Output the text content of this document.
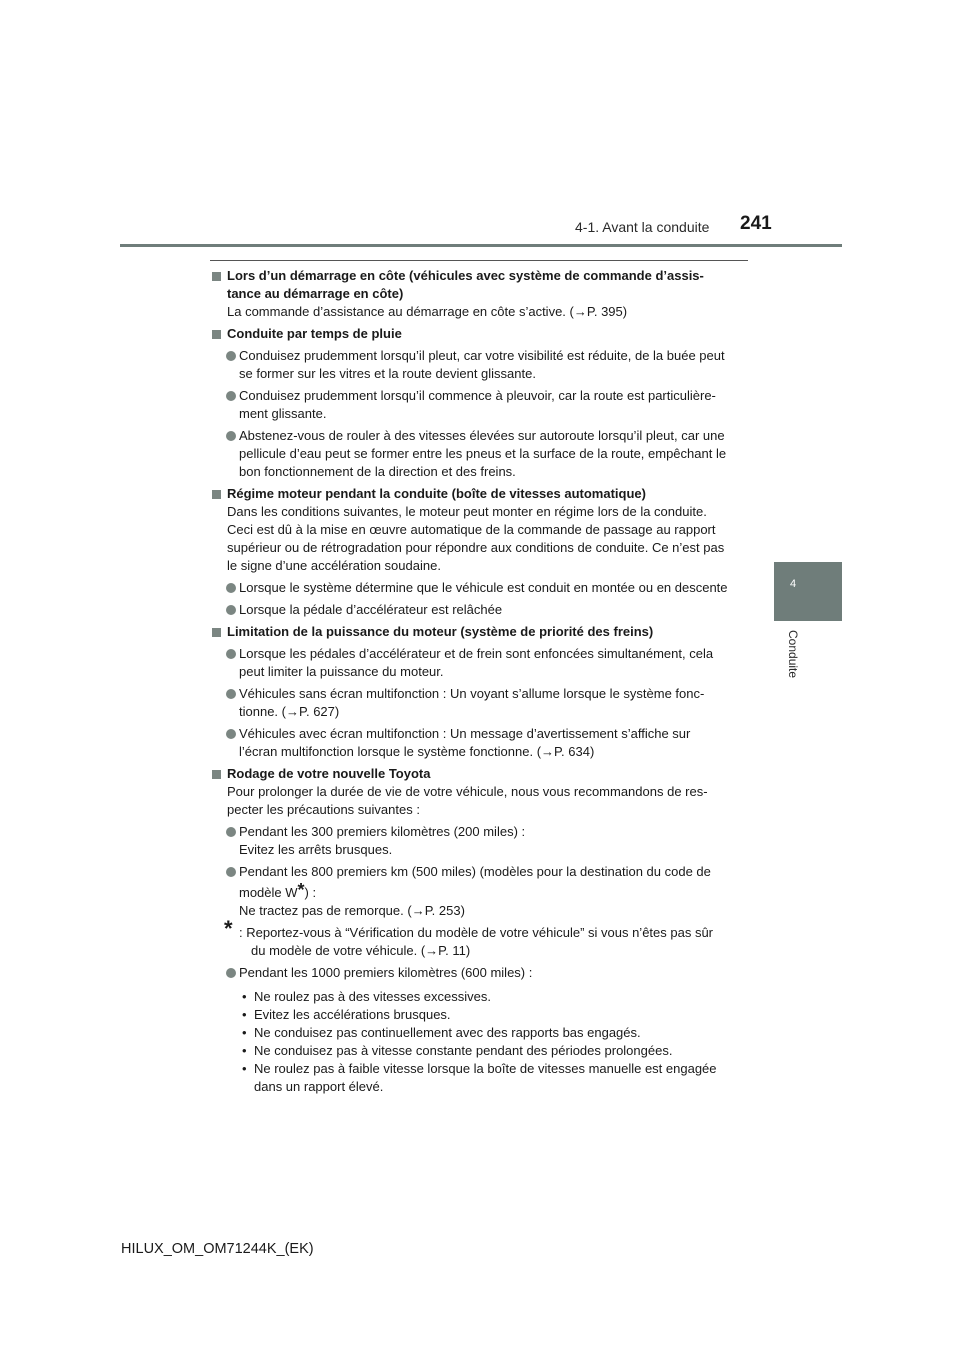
4-1. Avant la conduite 241
4
Conduite
Lors d’un démarrage en côte (véhicules avec système de commande d’assis-
tance au démarrage en côte)
La commande d’assistance au démarrage en côte s’active. (→P. 395)
Conduite par temps de pluie
Conduisez prudemment lorsqu’il pleut, car votre visibilité est réduite, de la buée peut
se former sur les vitres et la route devient glissante.
Conduisez prudemment lorsqu’il commence à pleuvoir, car la route est particulière-
ment glissante.
Abstenez-vous de rouler à des vitesses élevées sur autoroute lorsqu’il pleut, car une
pellicule d’eau peut se former entre les pneus et la surface de la route, empêchant le
bon fonctionnement de la direction et des freins.
Régime moteur pendant la conduite (boîte de vitesses automatique)
Dans les conditions suivantes, le moteur peut monter en régime lors de la conduite.
Ceci est dû à la mise en œuvre automatique de la commande de passage au rapport
supérieur ou de rétrogradation pour répondre aux conditions de conduite. Ce n’est pas
le signe d’une accélération soudaine.
Lorsque le système détermine que le véhicule est conduit en montée ou en descente
Lorsque la pédale d’accélérateur est relâchée
Limitation de la puissance du moteur (système de priorité des freins)
Lorsque les pédales d’accélérateur et de frein sont enfoncées simultanément, cela
peut limiter la puissance du moteur.
Véhicules sans écran multifonction : Un voyant s’allume lorsque le système fonc-
tionne. (→P. 627)
Véhicules avec écran multifonction : Un message d’avertissement s’affiche sur
l’écran multifonction lorsque le système fonctionne. (→P. 634)
Rodage de votre nouvelle Toyota
Pour prolonger la durée de vie de votre véhicule, nous vous recommandons de res-
pecter les précautions suivantes :
Pendant les 300 premiers kilomètres (200 miles) :
Evitez les arrêts brusques.
Pendant les 800 premiers km (500 miles) (modèles pour la destination du code de
modèle W*) :
Ne tractez pas de remorque. (→P. 253)
* : Reportez-vous à “Vérification du modèle de votre véhicule” si vous n’êtes pas sûr
du modèle de votre véhicule. (→P. 11)
Pendant les 1000 premiers kilomètres (600 miles) :
• Ne roulez pas à des vitesses excessives.
• Evitez les accélérations brusques.
• Ne conduisez pas continuellement avec des rapports bas engagés.
• Ne conduisez pas à vitesse constante pendant des périodes prolongées.
• Ne roulez pas à faible vitesse lorsque la boîte de vitesses manuelle est engagée
dans un rapport élevé.
HILUX_OM_OM71244K_(EK)
